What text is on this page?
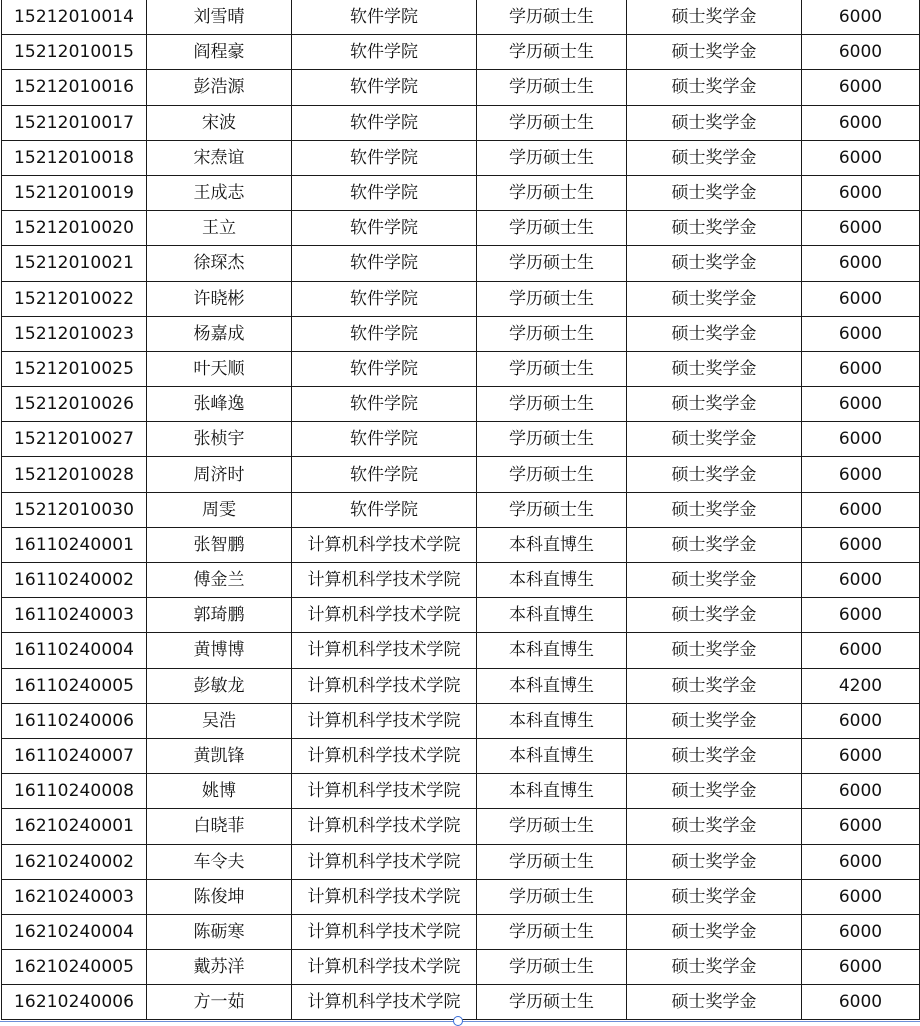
15212010014	刘雪晴	软件学院	学历硕士生	硕士奖学金	6000
15212010015	阎程豪	软件学院	学历硕士生	硕士奖学金	6000
15212010016	彭浩源	软件学院	学历硕士生	硕士奖学金	6000
15212010017	宋波	软件学院	学历硕士生	硕士奖学金	6000
15212010018	宋焘谊	软件学院	学历硕士生	硕士奖学金	6000
15212010019	王成志	软件学院	学历硕士生	硕士奖学金	6000
15212010020	王立	软件学院	学历硕士生	硕士奖学金	6000
15212010021	徐琛杰	软件学院	学历硕士生	硕士奖学金	6000
15212010022	许晓彬	软件学院	学历硕士生	硕士奖学金	6000
15212010023	杨嘉成	软件学院	学历硕士生	硕士奖学金	6000
15212010025	叶天顺	软件学院	学历硕士生	硕士奖学金	6000
15212010026	张峰逸	软件学院	学历硕士生	硕士奖学金	6000
15212010027	张桢宇	软件学院	学历硕士生	硕士奖学金	6000
15212010028	周济时	软件学院	学历硕士生	硕士奖学金	6000
15212010030	周雯	软件学院	学历硕士生	硕士奖学金	6000
16110240001	张智鹏	计算机科学技术学院	本科直博生	硕士奖学金	6000
16110240002	傅金兰	计算机科学技术学院	本科直博生	硕士奖学金	6000
16110240003	郭琦鹏	计算机科学技术学院	本科直博生	硕士奖学金	6000
16110240004	黄博博	计算机科学技术学院	本科直博生	硕士奖学金	6000
16110240005	彭敏龙	计算机科学技术学院	本科直博生	硕士奖学金	4200
16110240006	吴浩	计算机科学技术学院	本科直博生	硕士奖学金	6000
16110240007	黄凯锋	计算机科学技术学院	本科直博生	硕士奖学金	6000
16110240008	姚博	计算机科学技术学院	本科直博生	硕士奖学金	6000
16210240001	白晓菲	计算机科学技术学院	学历硕士生	硕士奖学金	6000
16210240002	车令夫	计算机科学技术学院	学历硕士生	硕士奖学金	6000
16210240003	陈俊坤	计算机科学技术学院	学历硕士生	硕士奖学金	6000
16210240004	陈砺寒	计算机科学技术学院	学历硕士生	硕士奖学金	6000
16210240005	戴苏洋	计算机科学技术学院	学历硕士生	硕士奖学金	6000
16210240006	方一茹	计算机科学技术学院	学历硕士生	硕士奖学金	6000
